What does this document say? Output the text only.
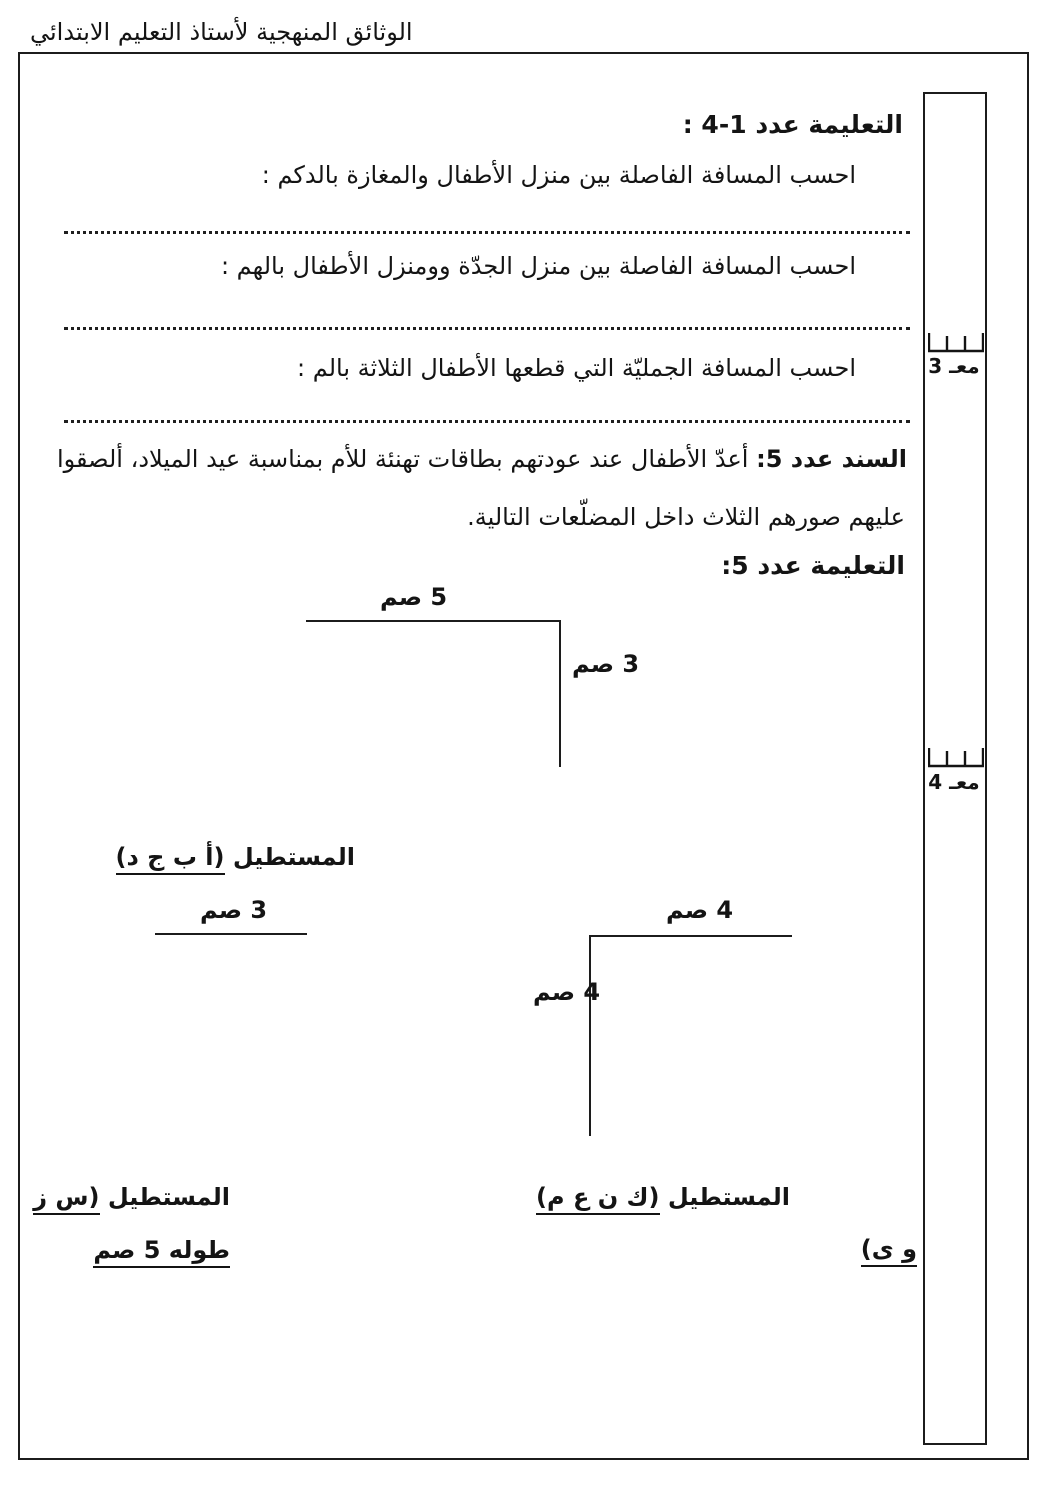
الوثائق المنهجية لأستاذ التعليم الابتدائي
معـ 3
معـ 4
التعليمة عدد 1-4 :
احسب المسافة الفاصلة بين منزل الأطفال والمغازة بالدكم :
احسب المسافة الفاصلة بين منزل الجدّة وومنزل الأطفال بالهم :
احسب المسافة الجمليّة التي قطعها الأطفال الثلاثة بالم :
السند عدد 5: أعدّ الأطفال عند عودتهم بطاقات تهنئة للأم بمناسبة عيد الميلاد، ألصقوا
عليهم صورهم الثلاث داخل المضلّعات التالية.
التعليمة عدد 5:
5 صم
3 صم
المستطيل (أ ب ج د)
3 صم	4 صم
4 صم
المستطيل (ك ن ع م)
المستطيل (س ز
طوله 5 صم	و ى)
